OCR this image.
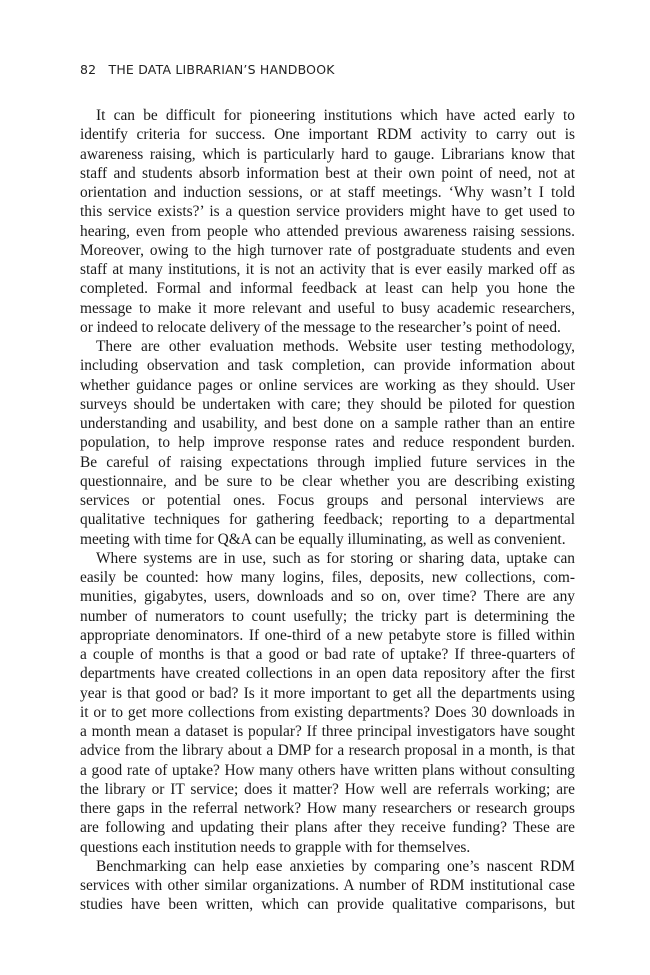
82 THE DATA LIBRARIAN’S HANDBOOK
It can be difficult for pioneering institutions which have acted early to
identify criteria for success. One important RDM activity to carry out is
awareness raising, which is particularly hard to gauge. Librarians know that
staff and students absorb information best at their own point of need, not at
orientation and induction sessions, or at staff meetings. ‘Why wasn’t I told
this service exists?’ is a question service providers might have to get used to
hearing, even from people who attended previous awareness raising sessions.
Moreover, owing to the high turnover rate of postgraduate students and even
staff at many institutions, it is not an activity that is ever easily marked off as
completed. Formal and informal feedback at least can help you hone the
message to make it more relevant and useful to busy academic researchers,
or indeed to relocate delivery of the message to the researcher’s point of need.
There are other evaluation methods. Website user testing methodology,
including observation and task completion, can provide information about
whether guidance pages or online services are working as they should. User
surveys should be undertaken with care; they should be piloted for question
understanding and usability, and best done on a sample rather than an entire
population, to help improve response rates and reduce respondent burden.
Be careful of raising expectations through implied future services in the
questionnaire, and be sure to be clear whether you are describing existing
services or potential ones. Focus groups and personal interviews are
qualitative techniques for gathering feedback; reporting to a departmental
meeting with time for Q&A can be equally illuminating, as well as convenient.
Where systems are in use, such as for storing or sharing data, uptake can
easily be counted: how many logins, files, deposits, new collections, com-
munities, gigabytes, users, downloads and so on, over time? There are any
number of numerators to count usefully; the tricky part is determining the
appropriate denominators. If one-third of a new petabyte store is filled within
a couple of months is that a good or bad rate of uptake? If three-quarters of
departments have created collections in an open data repository after the first
year is that good or bad? Is it more important to get all the departments using
it or to get more collections from existing departments? Does 30 downloads in
a month mean a dataset is popular? If three principal investigators have sought
advice from the library about a DMP for a research proposal in a month, is that
a good rate of uptake? How many others have written plans without consulting
the library or IT service; does it matter? How well are referrals working; are
there gaps in the referral network? How many researchers or research groups
are following and updating their plans after they receive funding? These are
questions each institution needs to grapple with for themselves.
Benchmarking can help ease anxieties by comparing one’s nascent RDM
services with other similar organizations. A number of RDM institutional case
studies have been written, which can provide qualitative comparisons, but
